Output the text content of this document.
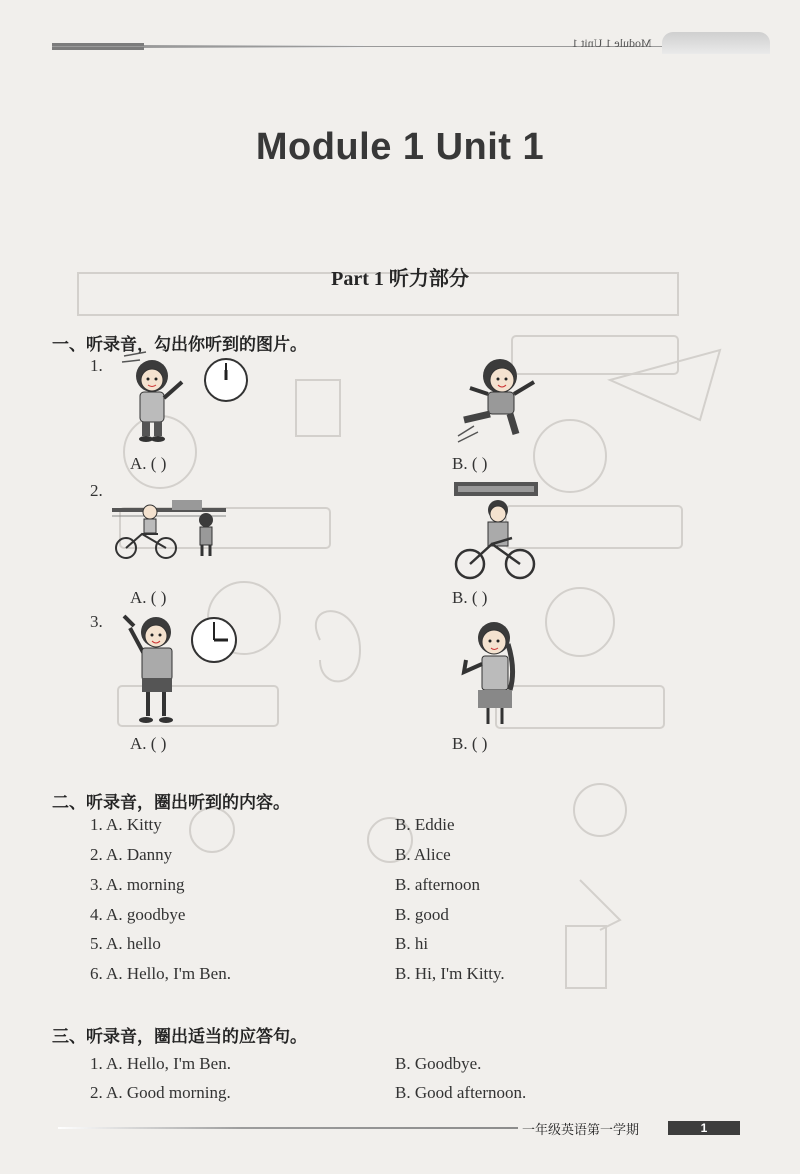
Module 1 Unit 1
Module 1 Unit 1
Part 1 听力部分
一、听录音，勾出你听到的图片。
1.
2.
3.
A. ( )	B. ( )
A. ( )	B. ( )
A. ( )	B. ( )
二、听录音，圈出听到的内容。
1. A. Kitty	B. Eddie
2. A. Danny	B. Alice
3. A. morning	B. afternoon
4. A. goodbye	B. good
5. A. hello	B. hi
6. A. Hello, I'm Ben.	B. Hi, I'm Kitty.
三、听录音，圈出适当的应答句。
1. A. Hello, I'm Ben.	B. Goodbye.
2. A. Good morning.	B. Good afternoon.
一年级英语第一学期	1
